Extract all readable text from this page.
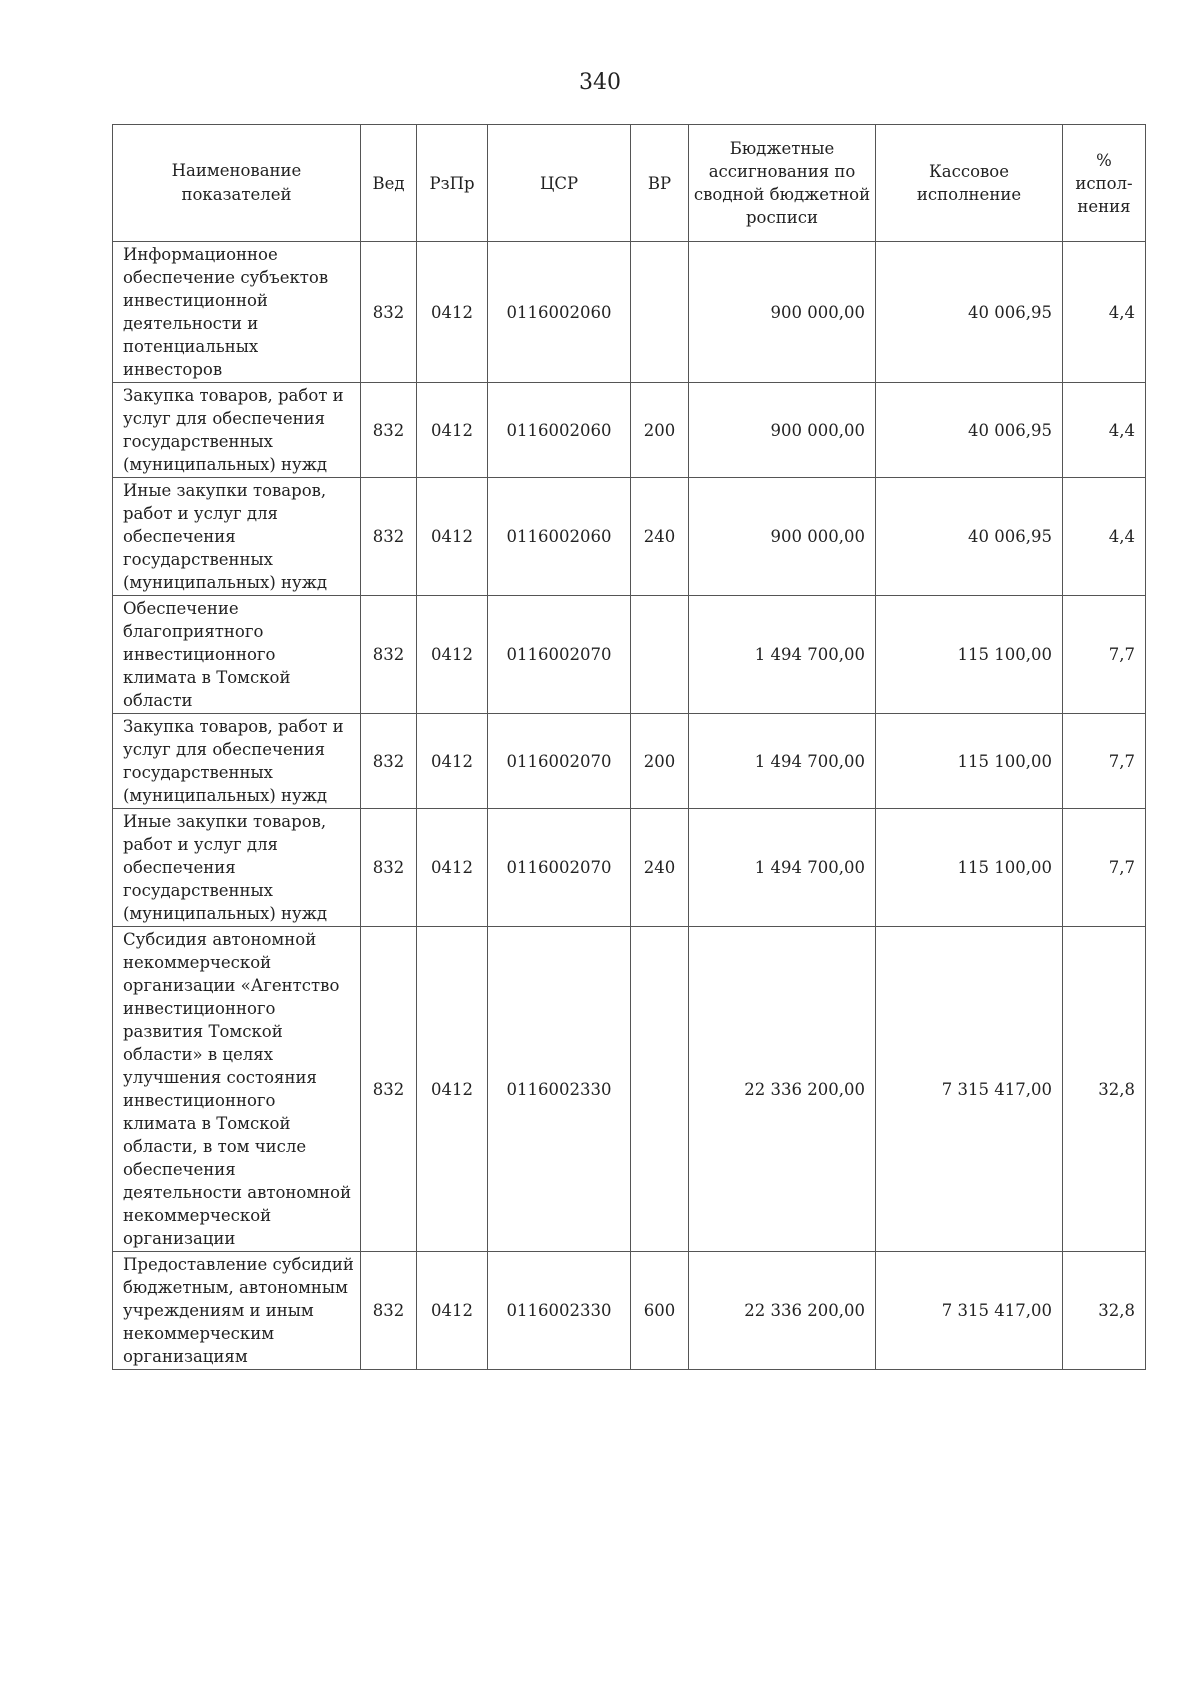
340
Наименование показателей	Вед	РзПр	ЦСР	ВР	Бюджетные ассигнования по сводной бюджетной росписи	Кассовое исполнение	% испол-нения
Информационное обеспечение субъектов инвестиционной деятельности и потенциальных инвесторов	832	0412	0116002060		900 000,00	40 006,95	4,4
Закупка товаров, работ и услуг для обеспечения государственных (муниципальных) нужд	832	0412	0116002060	200	900 000,00	40 006,95	4,4
Иные закупки товаров, работ и услуг для обеспечения государственных (муниципальных) нужд	832	0412	0116002060	240	900 000,00	40 006,95	4,4
Обеспечение благоприятного инвестиционного климата в Томской области	832	0412	0116002070		1 494 700,00	115 100,00	7,7
Закупка товаров, работ и услуг для обеспечения государственных (муниципальных) нужд	832	0412	0116002070	200	1 494 700,00	115 100,00	7,7
Иные закупки товаров, работ и услуг для обеспечения государственных (муниципальных) нужд	832	0412	0116002070	240	1 494 700,00	115 100,00	7,7
Субсидия автономной некоммерческой организации «Агентство инвестиционного развития Томской области» в целях улучшения состояния инвестиционного климата в Томской области, в том числе обеспечения деятельности автономной некоммерческой организации	832	0412	0116002330		22 336 200,00	7 315 417,00	32,8
Предоставление субсидий бюджетным, автономным учреждениям и иным некоммерческим организациям	832	0412	0116002330	600	22 336 200,00	7 315 417,00	32,8
